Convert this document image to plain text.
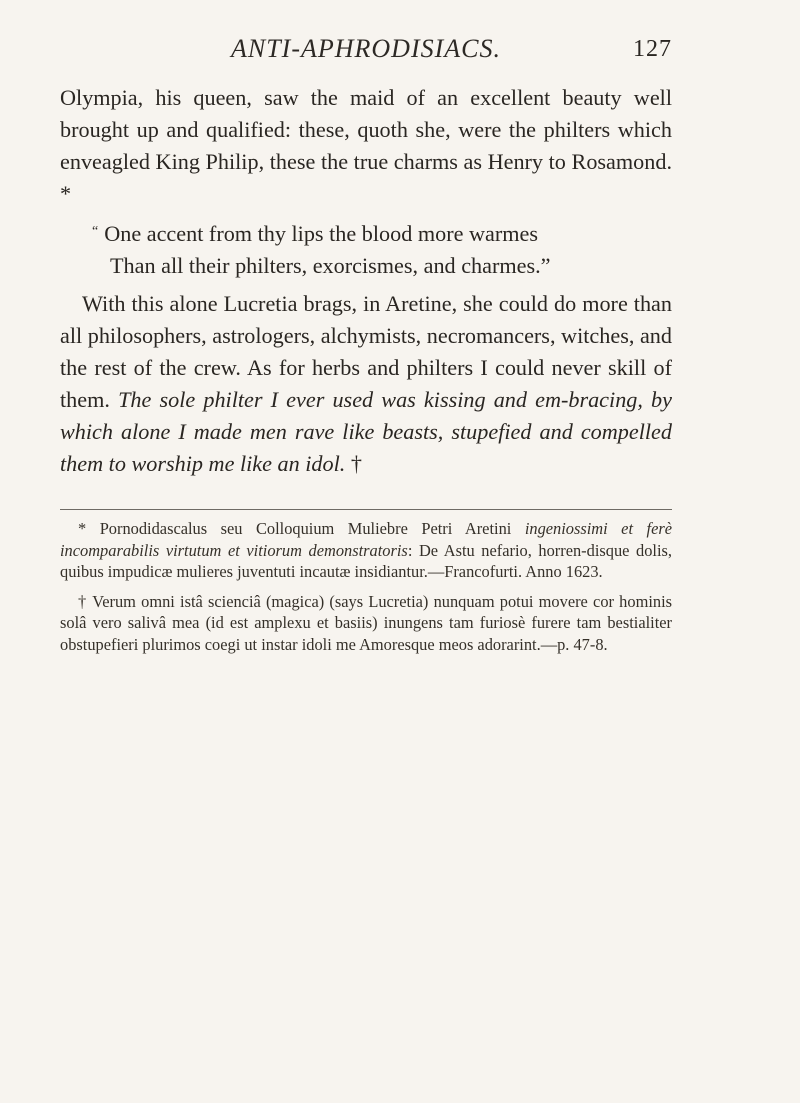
ANTI-APHRODISIACS.	127

Olympia, his queen, saw the maid of an excellent beauty well brought up and qualified: these, quoth she, were the philters which enveagled King Philip, these the true charms as Henry to Rosamond. *

“ One accent from thy lips the blood more warmes
Than all their philters, exorcismes, and charmes.”

With this alone Lucretia brags, in Aretine, she could do more than all philosophers, astrologers, alchymists, necromancers, witches, and the rest of the crew. As for herbs and philters I could never skill of them. The sole philter I ever used was kissing and em-bracing, by which alone I made men rave like beasts, stupefied and compelled them to worship me like an idol. †

* Pornodidascalus seu Colloquium Muliebre Petri Aretini ingeniossimi et ferè incomparabilis virtutum et vitiorum demonstratoris: De Astu nefario, horren-disque dolis, quibus impudicæ mulieres juventuti incautæ insidiantur.—Francofurti. Anno 1623.

† Verum omni istâ scienciâ (magica) (says Lucretia) nunquam potui movere cor hominis solâ vero salivâ mea (id est amplexu et basiis) inungens tam furiosè furere tam bestialiter obstupefieri plurimos coegi ut instar idoli me Amoresque meos adorarint.—p. 47-8.
